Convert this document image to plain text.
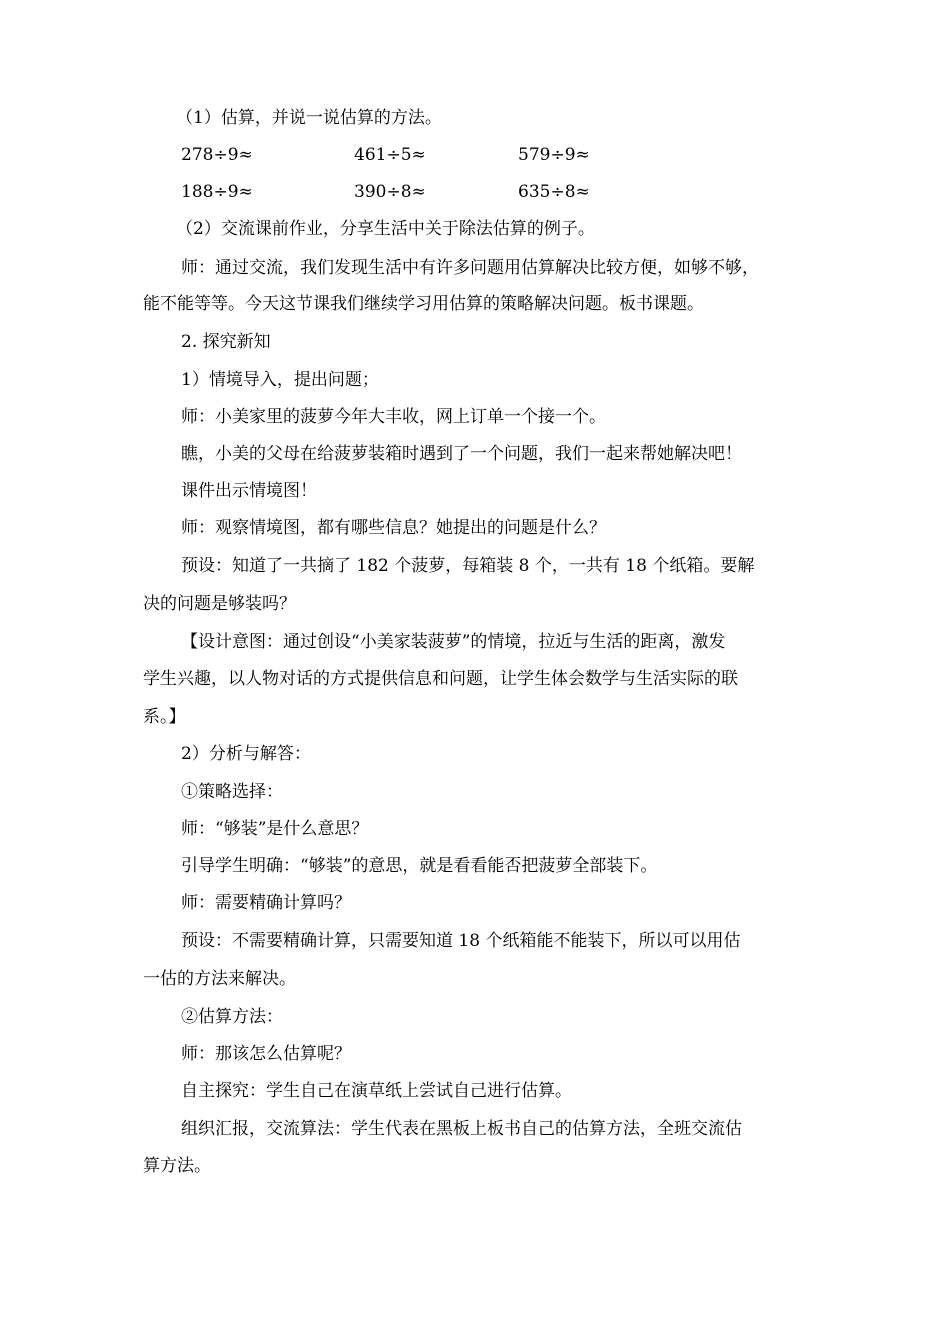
（1）估算，并说一说估算的方法。
278÷9≈	461÷5≈	579÷9≈
188÷9≈	390÷8≈	635÷8≈
（2）交流课前作业，分享生活中关于除法估算的例子。
师：通过交流，我们发现生活中有许多问题用估算解决比较方便，如够不够，
能不能等等。今天这节课我们继续学习用估算的策略解决问题。板书课题。
2. 探究新知
1）情境导入，提出问题；
师：小美家里的菠萝今年大丰收，网上订单一个接一个。
瞧，小美的父母在给菠萝装箱时遇到了一个问题，我们一起来帮她解决吧！
课件出示情境图！
师：观察情境图，都有哪些信息？她提出的问题是什么？
预设：知道了一共摘了 182 个菠萝，每箱装 8 个，一共有 18 个纸箱。要解
决的问题是够装吗？
【设计意图：通过创设“小美家装菠萝”的情境，拉近与生活的距离，激发
学生兴趣，以人物对话的方式提供信息和问题，让学生体会数学与生活实际的联
系。】
2）分析与解答：
①策略选择：
师：“够装”是什么意思？
引导学生明确：“够装”的意思，就是看看能否把菠萝全部装下。
师：需要精确计算吗？
预设：不需要精确计算，只需要知道 18 个纸箱能不能装下，所以可以用估
一估的方法来解决。
②估算方法：
师：那该怎么估算呢？
自主探究：学生自己在演草纸上尝试自己进行估算。
组织汇报，交流算法：学生代表在黑板上板书自己的估算方法，全班交流估
算方法。
